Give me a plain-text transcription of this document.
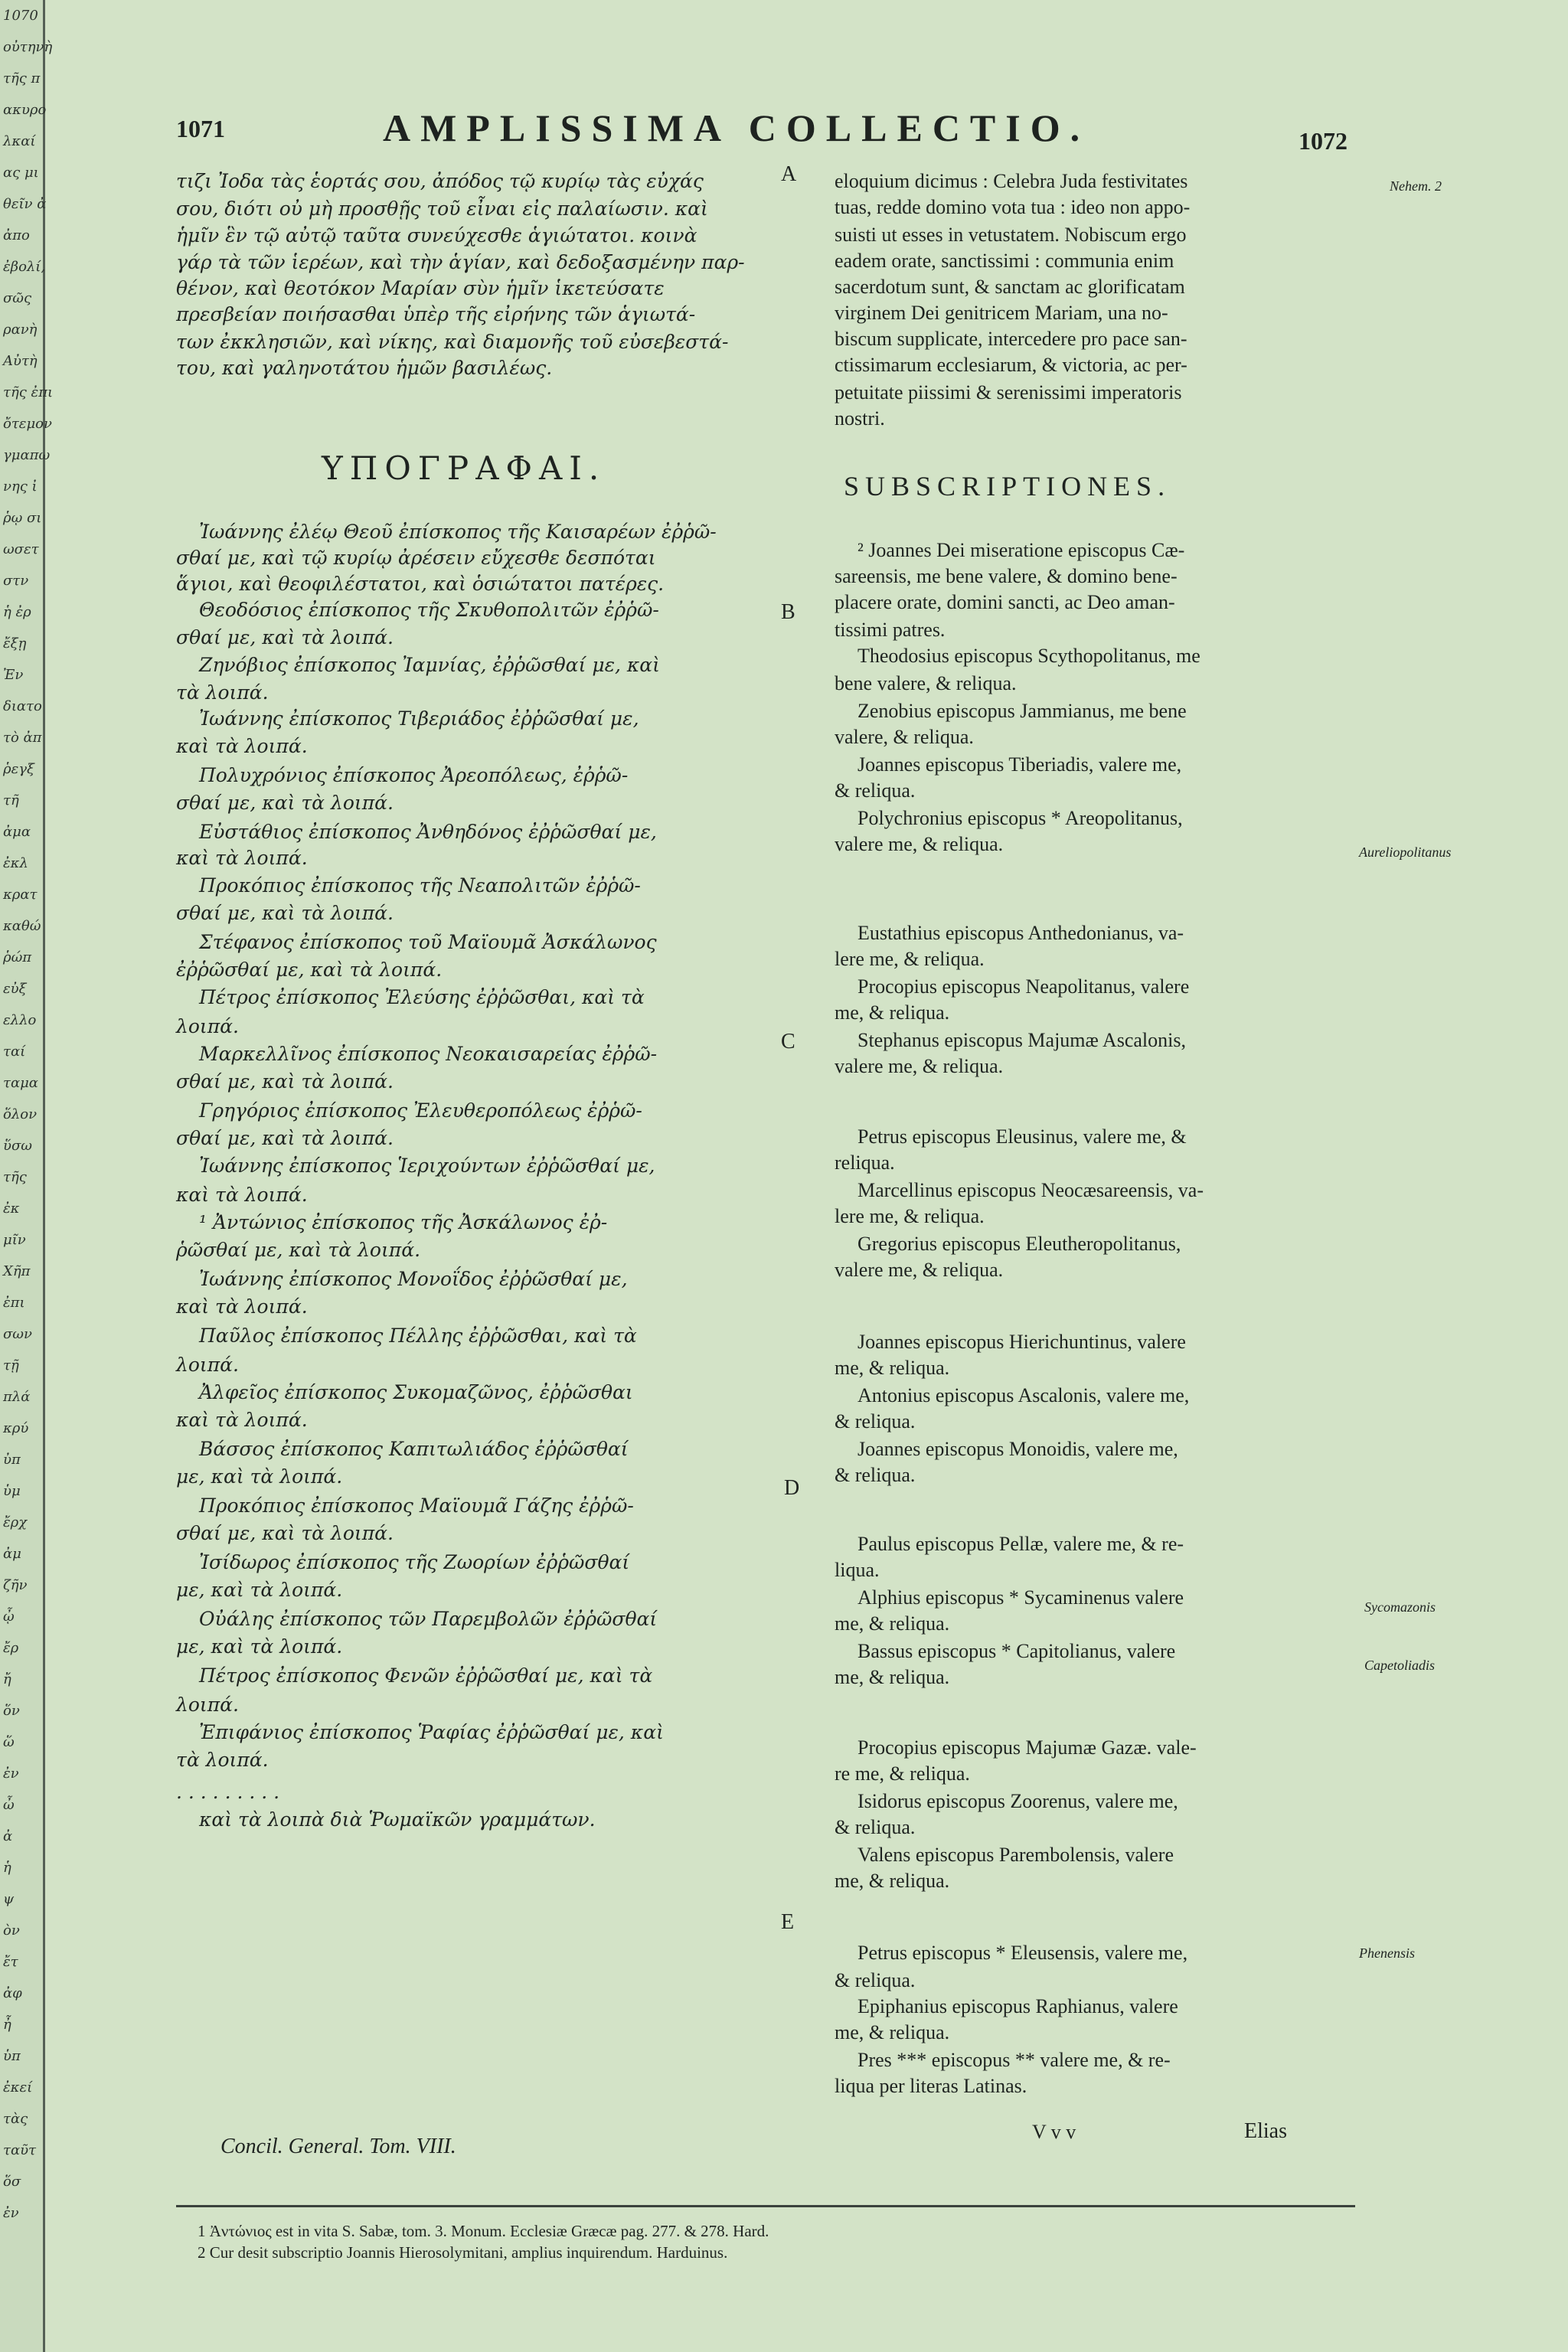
1070
οὐτηνὴ
τῆς π
ακυρο
λκαί
ας μι
θεῖν ἀ
ἀπο
ἐβολί,
σῶς
ρανὴ
Αὐτὴ
τῆς ἐπι
ὄτεμον
γμαπω
νης ἰ
ῥῳ σι
ωσετ
στν
ἡ ἐρ
ἔξῃ
Ἐν
διατο
τὸ ἀπ
ῥεγξ
τῆ
ἀμα
ἐκλ
κρατ
καθώ
ῥώπ
εὐξ
ελλο
ταί
ταμα
ὅλον
ὕσω
τῆς
ἐκ
μῖν
Χῆπ
ἐπι
σων
τῇ
πλά
κρύ
ὐπ
ὑμ
ἔρχ
ἀμ
ζῆν
ᾦ
ἔρ
ἤ
ὅν
ὥ
ἐν
ὦ
ἀ
ἡ
ψ
ὸν
ἔτ
ἀφ
ἦ
ὑπ
ἐκεί
τὰς
ταῦτ
ὅσ
ἐν
1071	AMPLISSIMA COLLECTIO.	1072
τιζι Ἰοδα τὰς ἑορτάς σου, ἀπόδος τῷ κυρίῳ τὰς εὐχάς
σου, διότι οὐ μὴ προσθῇς τοῦ εἶναι εἰς παλαίωσιν. καὶ
ἡμῖν ἓν τῷ αὐτῷ ταῦτα συνεύχεσθε ἁγιώτατοι. κοινὰ
γάρ τὰ τῶν ἱερέων, καὶ τὴν ἁγίαν, καὶ δεδοξασμένην παρ-
θένον, καὶ θεοτόκον Μαρίαν σὺν ἡμῖν ἱκετεύσατε
πρεσβείαν ποιήσασθαι ὑπὲρ τῆς εἰρήνης τῶν ἁγιωτά-
των ἐκκλησιῶν, καὶ νίκης, καὶ διαμονῆς τοῦ εὐσεβεστά-
του, καὶ γαληνοτάτου ἡμῶν βασιλέως.
ΥΠΟΓΡΑΦΑΙ.
Ἰωάννης ἐλέῳ Θεοῦ ἐπίσκοπος τῆς Καισαρέων ἐῤῥῶ-
σθαί με, καὶ τῷ κυρίῳ ἀρέσειν εὔχεσθε δεσπόται
ἅγιοι, καὶ θεοφιλέστατοι, καὶ ὁσιώτατοι πατέρες.
Θεοδόσιος ἐπίσκοπος τῆς Σκυθοπολιτῶν ἐῤῥῶ-
σθαί με, καὶ τὰ λοιπά.
Ζηνόβιος ἐπίσκοπος Ἰαμνίας, ἐῤῥῶσθαί με, καὶ
τὰ λοιπά.
Ἰωάννης ἐπίσκοπος Τιβεριάδος ἐῤῥῶσθαί με,
καὶ τὰ λοιπά.
Πολυχρόνιος ἐπίσκοπος Ἀρεοπόλεως, ἐῤῥῶ-
σθαί με, καὶ τὰ λοιπά.
Εὐστάθιος ἐπίσκοπος Ἀνθηδόνος ἐῤῥῶσθαί με,
καὶ τὰ λοιπά.
Προκόπιος ἐπίσκοπος τῆς Νεαπολιτῶν ἐῤῥῶ-
σθαί με, καὶ τὰ λοιπά.
Στέφανος ἐπίσκοπος τοῦ Μαϊουμᾶ Ἀσκάλωνος
ἐῤῥῶσθαί με, καὶ τὰ λοιπά.
Πέτρος ἐπίσκοπος Ἐλεύσης ἐῤῥῶσθαι, καὶ τὰ
λοιπά.
Μαρκελλῖνος ἐπίσκοπος Νεοκαισαρείας ἐῤῥῶ-
σθαί με, καὶ τὰ λοιπά.
Γρηγόριος ἐπίσκοπος Ἐλευθεροπόλεως ἐῤῥῶ-
σθαί με, καὶ τὰ λοιπά.
Ἰωάννης ἐπίσκοπος Ἱεριχούντων ἐῤῥῶσθαί με,
καὶ τὰ λοιπά.
¹ Ἀντώνιος ἐπίσκοπος τῆς Ἀσκάλωνος ἐῤ-
ῥῶσθαί με, καὶ τὰ λοιπά.
Ἰωάννης ἐπίσκοπος Μονοΐδος ἐῤῥῶσθαί με,
καὶ τὰ λοιπά.
Παῦλος ἐπίσκοπος Πέλλης ἐῤῥῶσθαι, καὶ τὰ
λοιπά.
Ἀλφεῖος ἐπίσκοπος Συκομαζῶνος, ἐῤῥῶσθαι
καὶ τὰ λοιπά.
Βάσσος ἐπίσκοπος Καπιτωλιάδος ἐῤῥῶσθαί
με, καὶ τὰ λοιπά.
Προκόπιος ἐπίσκοπος Μαϊουμᾶ Γάζης ἐῤῥῶ-
σθαί με, καὶ τὰ λοιπά.
Ἰσίδωρος ἐπίσκοπος τῆς Ζωορίων ἐῤῥῶσθαί
με, καὶ τὰ λοιπά.
Οὐάλης ἐπίσκοπος τῶν Παρεμβολῶν ἐῤῥῶσθαί
με, καὶ τὰ λοιπά.
Πέτρος ἐπίσκοπος Φενῶν ἐῤῥῶσθαί με, καὶ τὰ
λοιπά.
Ἐπιφάνιος ἐπίσκοπος Ῥαφίας ἐῤῥῶσθαί με, καὶ
τὰ λοιπά.
. . . . . . . . .
καὶ τὰ λοιπὰ διὰ Ῥωμαϊκῶν γραμμάτων.
eloquium dicimus : Celebra Juda festivitates
tuas, redde domino vota tua : ideo non appo-
suisti ut esses in vetustatem. Nobiscum ergo
eadem orate, sanctissimi : communia enim
sacerdotum sunt, & sanctam ac glorificatam
virginem Dei genitricem Mariam, una no-
biscum supplicate, intercedere pro pace san-
ctissimarum ecclesiarum, & victoria, ac per-
petuitate piissimi & serenissimi imperatoris
nostri.
SUBSCRIPTIONES.
² Joannes Dei miseratione episcopus Cæ-
sareensis, me bene valere, & domino bene-
placere orate, domini sancti, ac Deo aman-
tissimi patres.
Theodosius episcopus Scythopolitanus, me
bene valere, & reliqua.
Zenobius episcopus Jammianus, me bene
valere, & reliqua.
Joannes episcopus Tiberiadis, valere me,
& reliqua.
Polychronius episcopus * Areopolitanus,
valere me, & reliqua.
Eustathius episcopus Anthedonianus, va-
lere me, & reliqua.
Procopius episcopus Neapolitanus, valere
me, & reliqua.
Stephanus episcopus Majumæ Ascalonis,
valere me, & reliqua.
Petrus episcopus Eleusinus, valere me, &
reliqua.
Marcellinus episcopus Neocæsareensis, va-
lere me, & reliqua.
Gregorius episcopus Eleutheropolitanus,
valere me, & reliqua.
Joannes episcopus Hierichuntinus, valere
me, & reliqua.
Antonius episcopus Ascalonis, valere me,
& reliqua.
Joannes episcopus Monoidis, valere me,
& reliqua.
Paulus episcopus Pellæ, valere me, & re-
liqua.
Alphius episcopus * Sycaminenus valere
me, & reliqua.
Bassus episcopus * Capitolianus, valere
me, & reliqua.
Procopius episcopus Majumæ Gazæ. vale-
re me, & reliqua.
Isidorus episcopus Zoorenus, valere me,
& reliqua.
Valens episcopus Parembolensis, valere
me, & reliqua.
Petrus episcopus * Eleusensis, valere me,
& reliqua.
Epiphanius episcopus Raphianus, valere
me, & reliqua.
Pres *** episcopus ** valere me, & re-
liqua per literas Latinas.
A
B
C
D
E
Nehem. 2
Aureliopolitanus
Sycomazonis
Capetoliadis
Phenensis
Concil. General. Tom. VIII.
V v v	Elias
1 Ἀντώνιος est in vita S. Sabæ, tom. 3. Monum. Ecclesiæ Græcæ pag. 277. & 278. Hard.
2 Cur desit subscriptio Joannis Hierosolymitani, amplius inquirendum. Harduinus.
